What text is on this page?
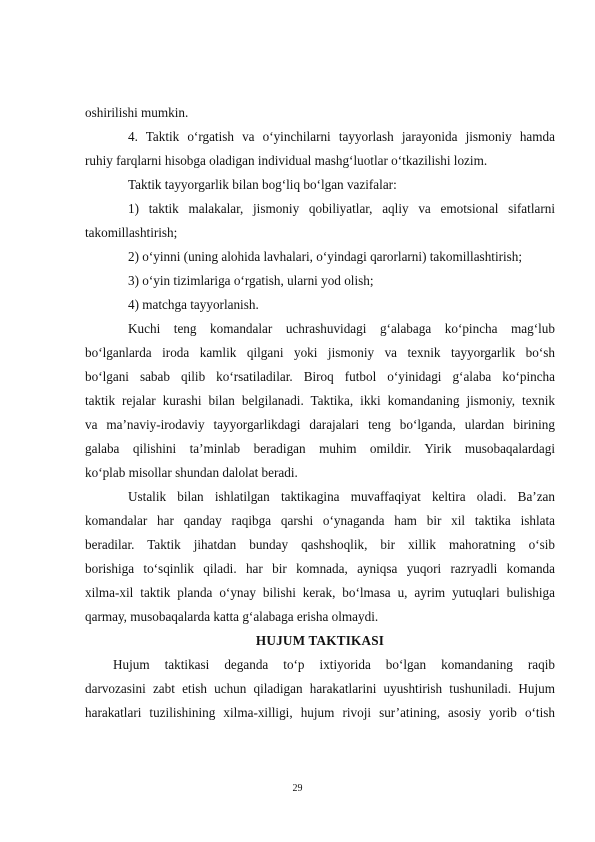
oshirilishi mumkin.
4. Taktik o‘rgatish va o‘yinchilarni tayyorlash jarayonida jismoniy hamda
ruhiy farqlarni hisobga oladigan individual mashg‘luotlar o‘tkazilishi lozim.
Taktik tayyorgarlik bilan bog‘liq bo‘lgan vazifalar:
1) taktik malakalar, jismoniy qobiliyatlar, aqliy va emotsional sifatlarni
takomillashtirish;
2) o‘yinni (uning alohida lavhalari, o‘yindagi qarorlarni) takomillashtirish;
3) o‘yin tizimlariga o‘rgatish, ularni yod olish;
4) matchga tayyorlanish.
Kuchi teng komandalar uchrashuvidagi g‘alabaga ko‘pincha mag‘lub
bo‘lganlarda iroda kamlik qilgani yoki jismoniy va texnik tayyorgarlik bo‘sh
bo‘lgani sabab qilib ko‘rsatiladilar. Biroq futbol o‘yinidagi g‘alaba ko‘pincha
taktik rejalar kurashi bilan belgilanadi. Taktika, ikki komandaning jismoniy, texnik
va ma’naviy-irodaviy tayyorgarlikdagi darajalari teng bo‘lganda, ulardan birining
galaba qilishini ta’minlab beradigan muhim omildir. Yirik musobaqalardagi
ko‘plab misollar shundan dalolat beradi.
Ustalik bilan ishlatilgan taktikagina muvaffaqiyat keltira oladi. Ba’zan
komandalar har qanday raqibga qarshi o‘ynaganda ham bir xil taktika ishlata
beradilar. Taktik jihatdan bunday qashshoqlik, bir xillik mahoratning o‘sib
borishiga to‘sqinlik qiladi. har bir komnada, ayniqsa yuqori razryadli komanda
xilma-xil taktik planda o‘ynay bilishi kerak, bo‘lmasa u, ayrim yutuqlari bulishiga
qarmay, musobaqalarda katta g‘alabaga erisha olmaydi.
HUJUM TAKTIKASI
Hujum taktikasi deganda to‘p ixtiyorida bo‘lgan komandaning raqib
darvozasini zabt etish uchun qiladigan harakatlarini uyushtirish tushuniladi. Hujum
harakatlari tuzilishining xilma-xilligi, hujum rivoji sur’atining, asosiy yorib o‘tish
29
